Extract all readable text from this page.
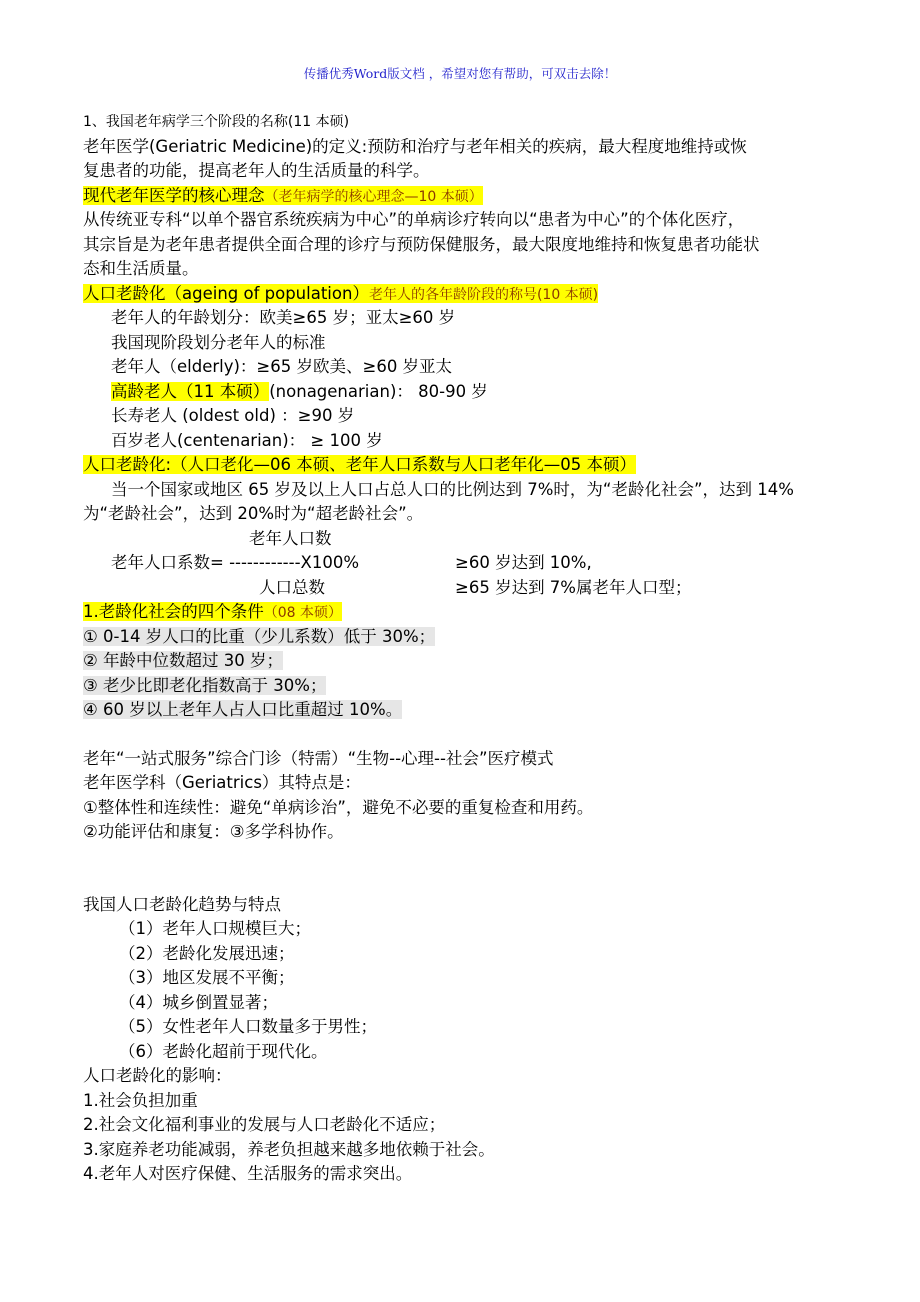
传播优秀Word版文档 ，希望对您有帮助，可双击去除！
1、我国老年病学三个阶段的名称(11 本硕)
老年医学(Geriatric Medicine)的定义:预防和治疗与老年相关的疾病，最大程度地维持或恢
复患者的功能，提高老年人的生活质量的科学。
现代老年医学的核心理念（老年病学的核心理念—10 本硕）
从传统亚专科“以单个器官系统疾病为中心”的单病诊疗转向以“患者为中心”的个体化医疗，
其宗旨是为老年患者提供全面合理的诊疗与预防保健服务，最大限度地维持和恢复患者功能状
态和生活质量。
人口老龄化（ageing of population）老年人的各年龄阶段的称号(10 本硕)
老年人的年龄划分：欧美≥65 岁；亚太≥60 岁
我国现阶段划分老年人的标准
老年人（elderly)：≥65 岁欧美、≥60 岁亚太
高龄老人（11 本硕）(nonagenarian)： 80-90 岁
长寿老人 (oldest old) ：≥90 岁
百岁老人(centenarian)： ≥ 100 岁
人口老龄化:（人口老化—06 本硕、老年人口系数与人口老年化—05 本硕）
当一个国家或地区 65 岁及以上人口占总人口的比例达到 7%时，为“老龄化社会”，达到 14%
为“老龄社会”，达到 20%时为“超老龄社会”。
老年人口数
老年人口系数= ------------X100%	≥60 岁达到 10%,
人口总数	≥65 岁达到 7%属老年人口型；
1.老龄化社会的四个条件（08 本硕）
① 0-14 岁人口的比重（少儿系数）低于 30%；
② 年龄中位数超过 30 岁；
③ 老少比即老化指数高于 30%；
④ 60 岁以上老年人占人口比重超过 10%。
老年“一站式服务”综合门诊（特需）“生物--心理--社会”医疗模式
老年医学科（Geriatrics）其特点是：
①整体性和连续性：避免“单病诊治”，避免不必要的重复检查和用药。
②功能评估和康复：③多学科协作。
我国人口老龄化趋势与特点
（1）老年人口规模巨大；
（2）老龄化发展迅速；
（3）地区发展不平衡；
（4）城乡倒置显著；
（5）女性老年人口数量多于男性；
（6）老龄化超前于现代化。
人口老龄化的影响：
1.社会负担加重
2.社会文化福利事业的发展与人口老龄化不适应；
3.家庭养老功能减弱，养老负担越来越多地依赖于社会。
4.老年人对医疗保健、生活服务的需求突出。
